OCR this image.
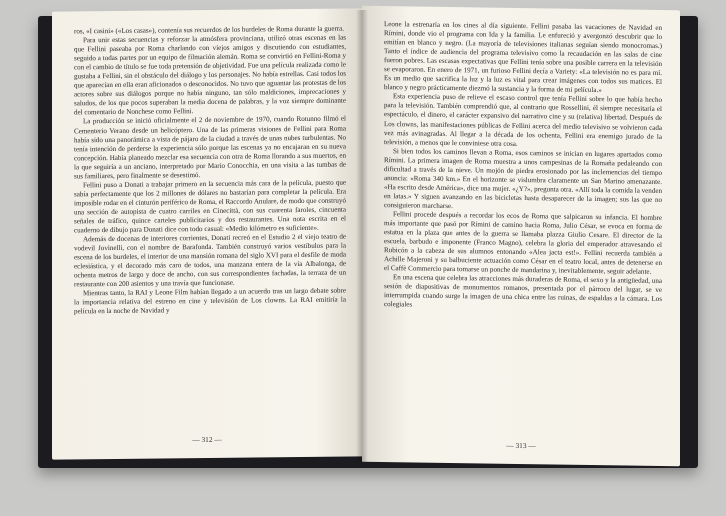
ros, «I casini» («Los casas»), contenía sus recuerdos de los burdeles de Roma durante la guerra.

Para unir estas secuencias y reforzar la atmósfera provinciana, utilizó otras escenas en las que Fellini paseaba por Roma charlando con viejos amigos y discutiendo con estudiantes, seguido a todas partes por un equipo de filmación alemán. Roma se convirtió en Fellini-Roma y con el cambio de título se fue toda pretensión de objetividad. Fue una película realizada como le gustaba a Fellini, sin el obstáculo del diálogo y los personajes. No había estrellas. Casi todos los que aparecían en ella eran aficionados o desconocidos. No tuvo que aguantar las protestas de los actores sobre sus diálogos porque no había ninguno, tan sólo maldiciones, imprecaciones y saludos, de los que pocos superaban la media docena de palabras, y la voz siempre dominante del comentario de Nonchese como Fellini.

La producción se inició oficialmente el 2 de noviembre de 1970, cuando Rotunno filmó el Cementerio Verano desde un helicóptero. Una de las primeras visiones de Fellini para Roma había sido una panorámica a vista de pájaro de la ciudad a través de unas nubes turbulentas. No tenía intención de perderse la experiencia sólo porque las escenas ya no encajaran en su nueva concepción. Había planeado mezclar esa secuencia con otra de Roma llorando a sus muertos, en la que seguiría a un anciano, interpretado por Mario Conocchia, en una visita a las tumbas de sus familiares, pero finalmente se desestimó.

Fellini puso a Donati a trabajar primero en la secuencia más cara de la película, puesto que sabía perfectamente que los 2 millones de dólares no bastarían para completar la película. Era imposible rodar en el cinturón periférico de Roma, el Raccordo Anulare, de modo que construyó una sección de autopista de cuatro carriles en Cinecittà, con sus cuarenta faroles, cincuenta señales de tráfico, quince carteles publicitarios y dos restaurantes. Una nota escrita en el cuaderno de dibujo para Donati dice con todo casual: «Medio kilómetro es suficiente».

Además de docenas de interiores corrientes, Donati recreó en el Estudio 2 el viejo teatro de vodevil Jovinelli, con el nombre de Barafonda. También construyó varios vestíbulos para la escena de los burdeles, el interior de una mansión romana del siglo XVI para el desfile de moda eclesiástica, y el decorado más caro de todos, una manzana entera de la vía Albalonga, de ochenta metros de largo y doce de ancho, con sus correspondientes fachadas, la terraza de un restaurante con 200 asientos y una travía que funcionase.

Mientras tanto, la RAI y Leone Film habían llegado a un acuerdo tras un largo debate sobre la importancia relativa del estreno en cine y televisión de Los clowns. La RAI emitiría la película en la noche de Navidad y

— 312 —

Leone la estrenaría en los cines al día siguiente. Fellini pasaba las vacaciones de Navidad en Rímini, donde vio el programa con Ida y la familia. Le enfureció y avergonzó descubrir que lo emitían en blanco y negro. (La mayoría de televisiones italianas seguían siendo monocromas.) Tanto el índice de audiencia del programa televisivo como la recaudación en las salas de cine fueron pobres. Las escasas expectativas que Fellini tenía sobre una posible carrera en la televisión se evaporaron. En enero de 1971, un furioso Fellini decía a Variety: «La televisión no es para mí. Es un medio que sacrifica la luz y la luz es vital para crear imágenes con todos sus matices. El blanco y negro prácticamente diezmó la sustancia y la forma de mi película.»

Esta experiencia puso de relieve el escaso control que tenía Fellini sobre lo que había hecho para la televisión. También comprendió que, al contrario que Rossellini, él siempre necesitaría el espectáculo, el dinero, el carácter expansivo del narrativo cine y su (relativa) libertad. Después de Los clowns, las manifestaciones públicas de Fellini acerca del medio televisivo se volvieron cada vez más avinagradas. Al llegar a la década de los ochenta, Fellini era enemigo jurado de la televisión, a menos que le conviniese otra cosa.

Si bien todos los caminos llevan a Roma, esos caminos se inician en lugares apartados como Rímini. La primera imagen de Roma muestra a unos campesinas de la Romaña pedaleando con dificultad a través de la nieve. Un mojón de piedra erosionado por las inclemencias del tiempo anuncia: «Roma 340 km.» En el horizonte se vislumbra claramente un San Marino amenazante. «Ha escrito desde América», dice una mujer. «¿Y?», pregunta otra. «Allí toda la comida la venden en latas.» Y siguen avanzando en las bicicletas hasta desaparecer de la imagen; sus las que no consiguieron marcharse.

Fellini procede después a recordar los ecos de Roma que salpicaron su infancia. El hombre más importante que pasó por Rímini de camino hacia Roma, Julio César, se evoca en forma de estatua en la plaza que antes de la guerra se llamaba plazza Giulio Cesare. El director de la escuela, barbudo e imponente (Franco Magno), celebra la gloria del emperador atravesando el Rubicón a la cabeza de sus alumnos entonando «Alea jacta est!». Fellini recuerda también a Achille Majeroni y su balbuciente actuación como César en el teatro local, antes de detenerse en el Caffè Commercio para tomarse un ponche de mandarina y, inevitablemente, seguir adelante.

En una escena que celebra las atracciones más duraderas de Roma, el sexo y la antigüedad, una sesión de diapositivas de monumentos romanos, presentada por el párroco del lugar, se ve interrumpida cuando surge la imagen de una chica entre las ruinas, de espaldas a la cámara. Los colegiales

— 313 —
